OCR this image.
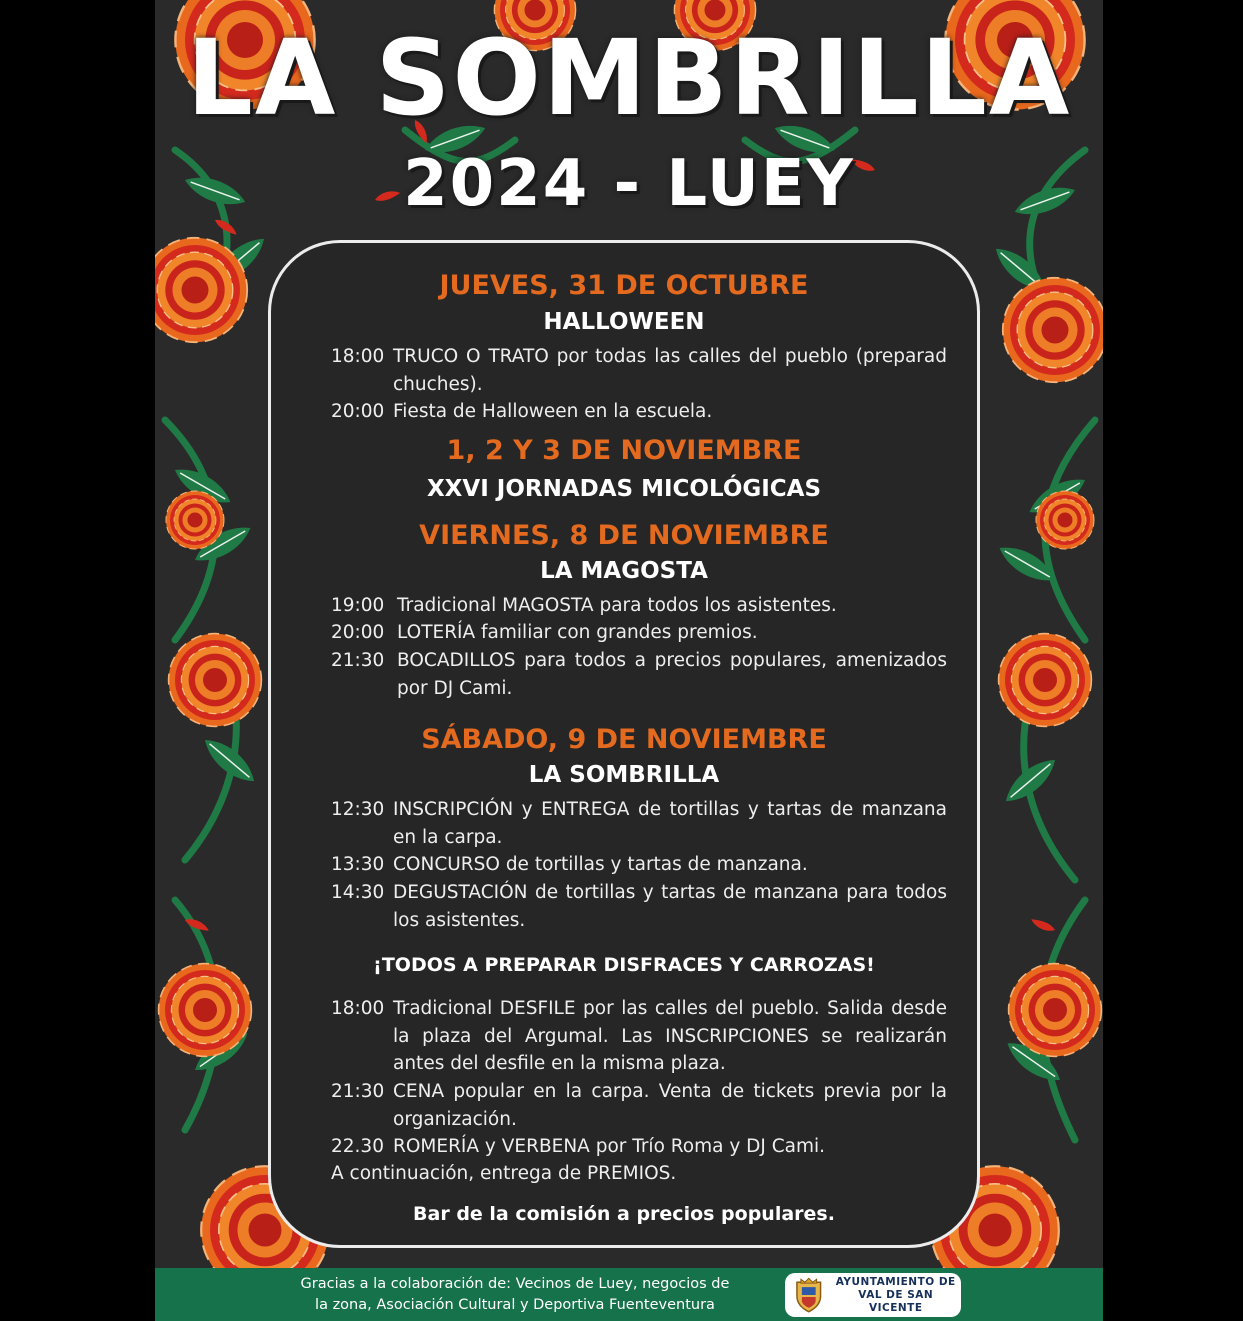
LA SOMBRILLA
2024 - LUEY
JUEVES, 31 DE OCTUBRE
HALLOWEEN
18:00 TRUCO O TRATO por todas las calles del pueblo (preparad chuches).
20:00 Fiesta de Halloween en la escuela.
1, 2 Y 3 DE NOVIEMBRE
XXVI JORNADAS MICOLÓGICAS
VIERNES, 8 DE NOVIEMBRE
LA MAGOSTA
19:00 Tradicional MAGOSTA para todos los asistentes.
20:00 LOTERÍA familiar con grandes premios.
21:30 BOCADILLOS para todos a precios populares, amenizados por DJ Cami.
SÁBADO, 9 DE NOVIEMBRE
LA SOMBRILLA
12:30 INSCRIPCIÓN y ENTREGA de tortillas y tartas de manzana en la carpa.
13:30 CONCURSO de tortillas y tartas de manzana.
14:30 DEGUSTACIÓN de tortillas y tartas de manzana para todos los asistentes.
¡TODOS A PREPARAR DISFRACES Y CARROZAS!
18:00 Tradicional DESFILE por las calles del pueblo. Salida desde la plaza del Argumal. Las INSCRIPCIONES se realizarán antes del desfile en la misma plaza.
21:30 CENA popular en la carpa. Venta de tickets previa por la organización.
22.30 ROMERÍA y VERBENA por Trío Roma y DJ Cami.
A continuación, entrega de PREMIOS.
Bar de la comisión a precios populares.
Gracias a la colaboración de: Vecinos de Luey, negocios de
la zona, Asociación Cultural y Deportiva Fuenteventura
AYUNTAMIENTO DE
VAL DE SAN VICENTE
